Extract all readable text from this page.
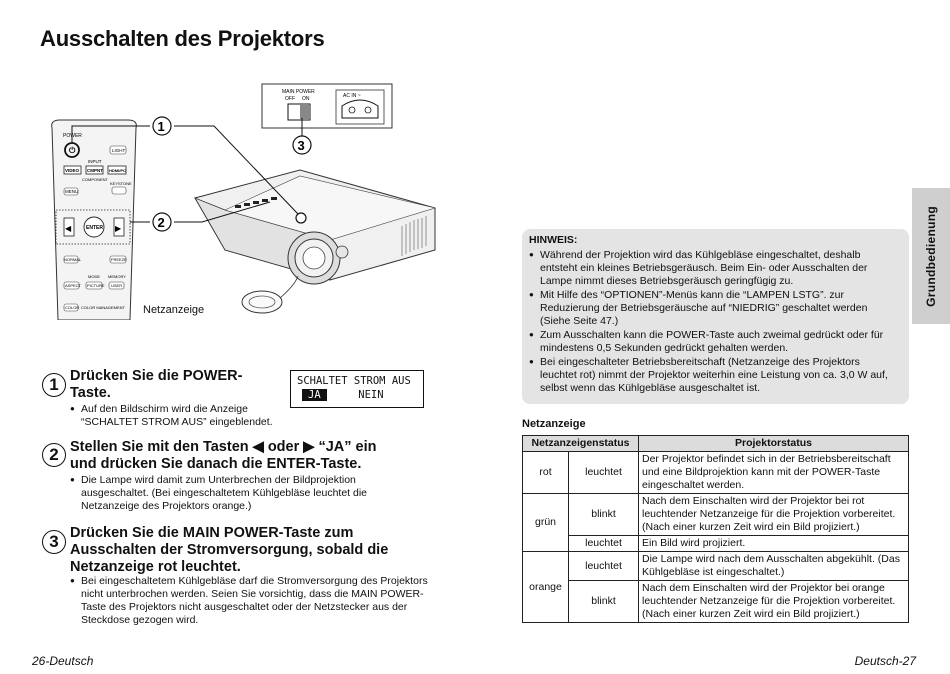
Ausschalten des Projektors
POWER
⏻	LIGHT
INPUT
VIDEO CMPNT HDMI/PC
COMPONENT
KEYSTONE
MENU
◀	ENTER ▶
NORMAL	FREEZE
MODE MEMORY
ASPECT PICTURE USER
COLOR COLOR MANAGEMENT
MAIN POWER
OFF ON	AC IN ~
1
2
3
Netzanzeige
1 Drücken Sie die POWER-
Taste.
● Auf den Bildschirm wird die Anzeige “SCHALTET STROM AUS” eingeblendet.
SCHALTET STROM AUS
JA	NEIN
2 Stellen Sie mit den Tasten ◀ oder ▶ “JA” ein
und drücken Sie danach die ENTER-Taste.
● Die Lampe wird damit zum Unterbrechen der Bildprojektion ausgeschaltet. (Bei eingeschaltetem Kühlgebläse leuchtet die Netzanzeige des Projektors orange.)
3 Drücken Sie die MAIN POWER-Taste zum
Ausschalten der Stromversorgung, sobald die
Netzanzeige rot leuchtet.
● Bei eingeschaltetem Kühlgebläse darf die Stromversorgung des Projektors nicht unterbrochen werden. Seien Sie vorsichtig, dass die MAIN POWER-Taste des Projektors nicht ausgeschaltet oder der Netzstecker aus der Steckdose gezogen wird.
HINWEIS:
● Während der Projektion wird das Kühlgebläse eingeschaltet, deshalb entsteht ein kleines Betriebsgeräusch. Beim Ein- oder Ausschalten der Lampe nimmt dieses Betriebsgeräusch geringfügig zu.
● Mit Hilfe des “OPTIONEN”-Menüs kann die “LAMPEN LSTG”. zur Reduzierung der Betriebsgeräusche auf “NIEDRIG” geschaltet werden (Siehe Seite 47.)
● Zum Ausschalten kann die POWER-Taste auch zweimal gedrückt oder für mindestens 0,5 Sekunden gedrückt gehalten werden.
● Bei eingeschalteter Betriebsbereitschaft (Netzanzeige des Projektors leuchtet rot) nimmt der Projektor weiterhin eine Leistung von ca. 3,0 W auf, selbst wenn das Kühlgebläse ausgeschaltet ist.
Grundbedienung
Netzanzeige
Netzanzeigenstatus		Projektorstatus
rot	leuchtet	Der Projektor befindet sich in der Betriebsbereitschaft und eine Bildprojektion kann mit der POWER-Taste eingeschaltet werden.
grün	blinkt	Nach dem Einschalten wird der Projektor bei rot leuchtender Netzanzeige für die Projektion vorbereitet. (Nach einer kurzen Zeit wird ein Bild projiziert.)
	leuchtet	Ein Bild wird projiziert.
orange	leuchtet	Die Lampe wird nach dem Ausschalten abgekühlt. (Das Kühlgebläse ist eingeschaltet.)
	blinkt	Nach dem Einschalten wird der Projektor bei orange leuchtender Netzanzeige für die Projektion vorbereitet. (Nach einer kurzen Zeit wird ein Bild projiziert.)
26-Deutsch	Deutsch-27
